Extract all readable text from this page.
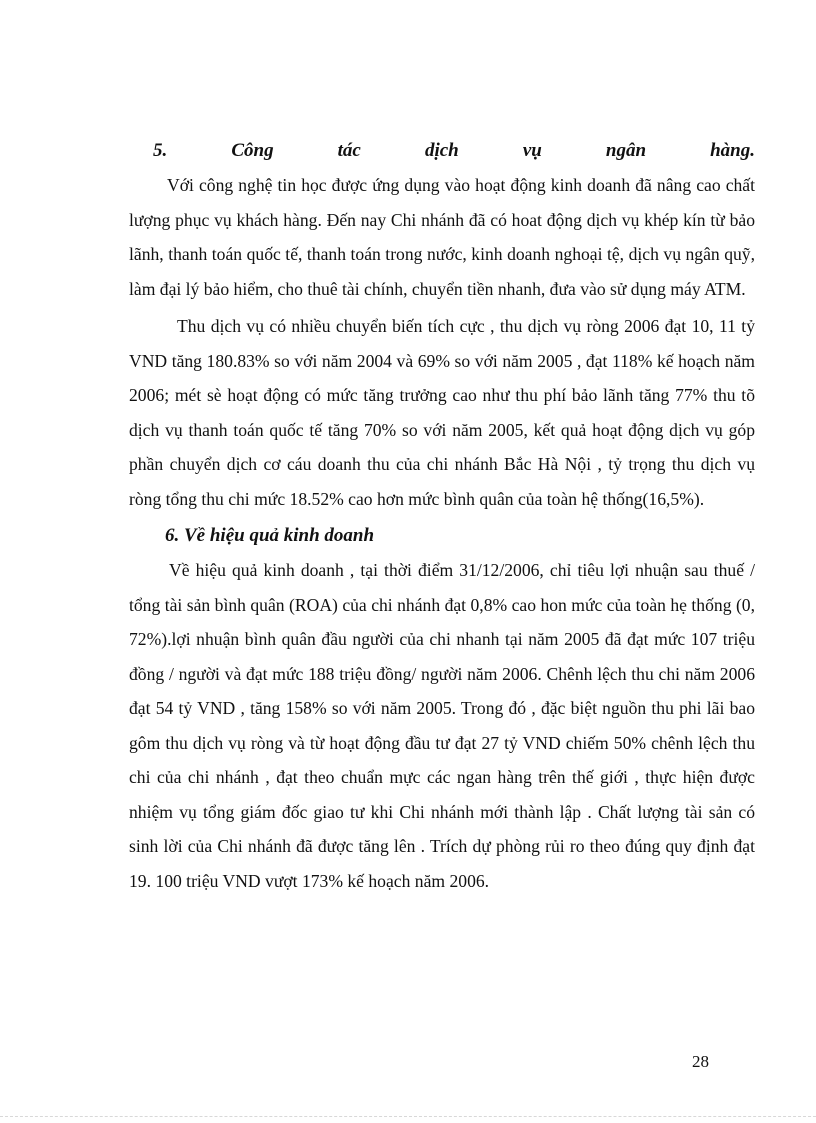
5.	Công	tác	dịch	vụ	ngân	hàng.

Với công nghệ tin học được ứng dụng vào hoạt động kinh doanh đã nâng cao chất lượng phục vụ khách hàng. Đến nay Chi nhánh đã có hoat động dịch vụ khép kín từ bảo lãnh, thanh toán quốc tế, thanh toán trong nước, kinh doanh nghoại tệ, dịch vụ ngân quỹ, làm đại lý bảo hiểm, cho thuê tài chính, chuyển tiền nhanh, đưa vào sử dụng máy ATM.

Thu dịch vụ có nhiều chuyển biến tích cực , thu dịch vụ ròng 2006 đạt 10, 11 tỷ VND tăng 180.83% so với năm 2004 và 69% so với năm 2005 , đạt 118% kế hoạch năm 2006; mét sè hoạt động có mức tăng trưởng cao như thu phí bảo lãnh tăng 77% thu tõ dịch vụ thanh toán quốc tế tăng 70% so với năm 2005, kết quả hoạt động dịch vụ góp phần chuyển dịch cơ cáu doanh thu của chi nhánh Bắc Hà Nội , tỷ trọng thu dịch vụ ròng tổng thu chi mức 18.52% cao hơn mức bình quân của toàn hệ thống(16,5%).

6. Về hiệu quả kinh doanh

Về hiệu quả kinh doanh , tại thời điểm 31/12/2006, chỉ tiêu lợi nhuận sau thuế / tổng tài sản bình quân (ROA) của chi nhánh đạt 0,8% cao hon mức của toàn hẹ thống (0, 72%).lợi nhuận bình quân đầu người của chi nhanh tại năm 2005 đã đạt mức 107 triệu đồng / người và đạt mức 188 triệu đồng/ người năm 2006. Chênh lệch thu chi năm 2006 đạt 54 tỷ VND , tăng 158% so với năm 2005. Trong đó , đặc biệt nguồn thu phi lãi bao gôm thu dịch vụ ròng và từ hoạt động đầu tư đạt 27 tỷ VND chiếm 50% chênh lệch thu chi của chi nhánh , đạt theo chuẩn mực các ngan hàng trên thế giới , thực hiện được nhiệm vụ tổng giám đốc giao tư khi Chi nhánh mới thành lập . Chất lượng tài sản có sinh lời của Chi nhánh đã được tăng lên . Trích dự phòng rủi ro theo đúng quy định đạt 19. 100 triệu VND vượt 173% kế hoạch năm 2006.

28
